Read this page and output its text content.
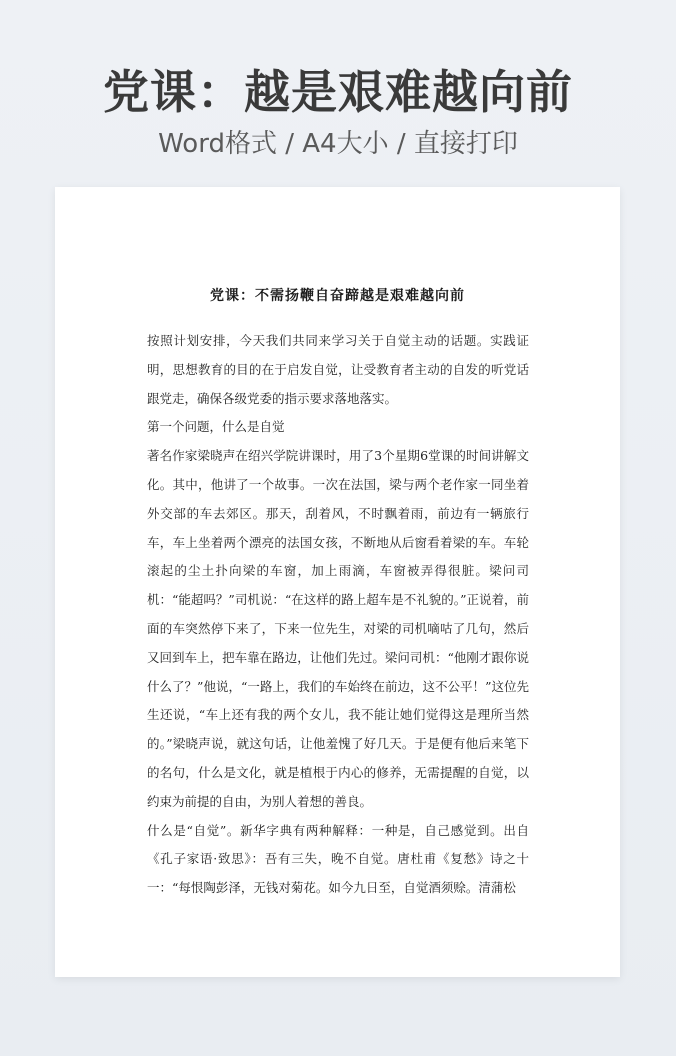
党课：越是艰难越向前
Word格式 / A4大小 / 直接打印
党课：不需扬鞭自奋蹄越是艰难越向前

按照计划安排，今天我们共同来学习关于自觉主动的话题。实践证明，思想教育的目的在于启发自觉，让受教育者主动的自发的听党话跟党走，确保各级党委的指示要求落地落实。

第一个问题，什么是自觉

著名作家梁晓声在绍兴学院讲课时，用了3个星期6堂课的时间讲解文化。其中，他讲了一个故事。一次在法国，梁与两个老作家一同坐着外交部的车去郊区。那天，刮着风，不时飘着雨，前边有一辆旅行车，车上坐着两个漂亮的法国女孩，不断地从后窗看着梁的车。车轮滚起的尘土扑向梁的车窗，加上雨滴，车窗被弄得很脏。梁问司机：“能超吗？”司机说：“在这样的路上超车是不礼貌的。”正说着，前面的车突然停下来了，下来一位先生，对梁的司机嘀咕了几句，然后又回到车上，把车靠在路边，让他们先过。梁问司机：“他刚才跟你说什么了？”他说，“一路上，我们的车始终在前边，这不公平！”这位先生还说，“车上还有我的两个女儿，我不能让她们觉得这是理所当然的。”梁晓声说，就这句话，让他羞愧了好几天。于是便有他后来笔下的名句，什么是文化，就是植根于内心的修养，无需提醒的自觉，以约束为前提的自由，为别人着想的善良。

什么是“自觉”。新华字典有两种解释：一种是，自己感觉到。出自《孔子家语·致思》：吾有三失，晚不自觉。唐杜甫《复愁》诗之十一：“每恨陶彭泽，无钱对菊花。如今九日至，自觉酒须赊。清蒲松
